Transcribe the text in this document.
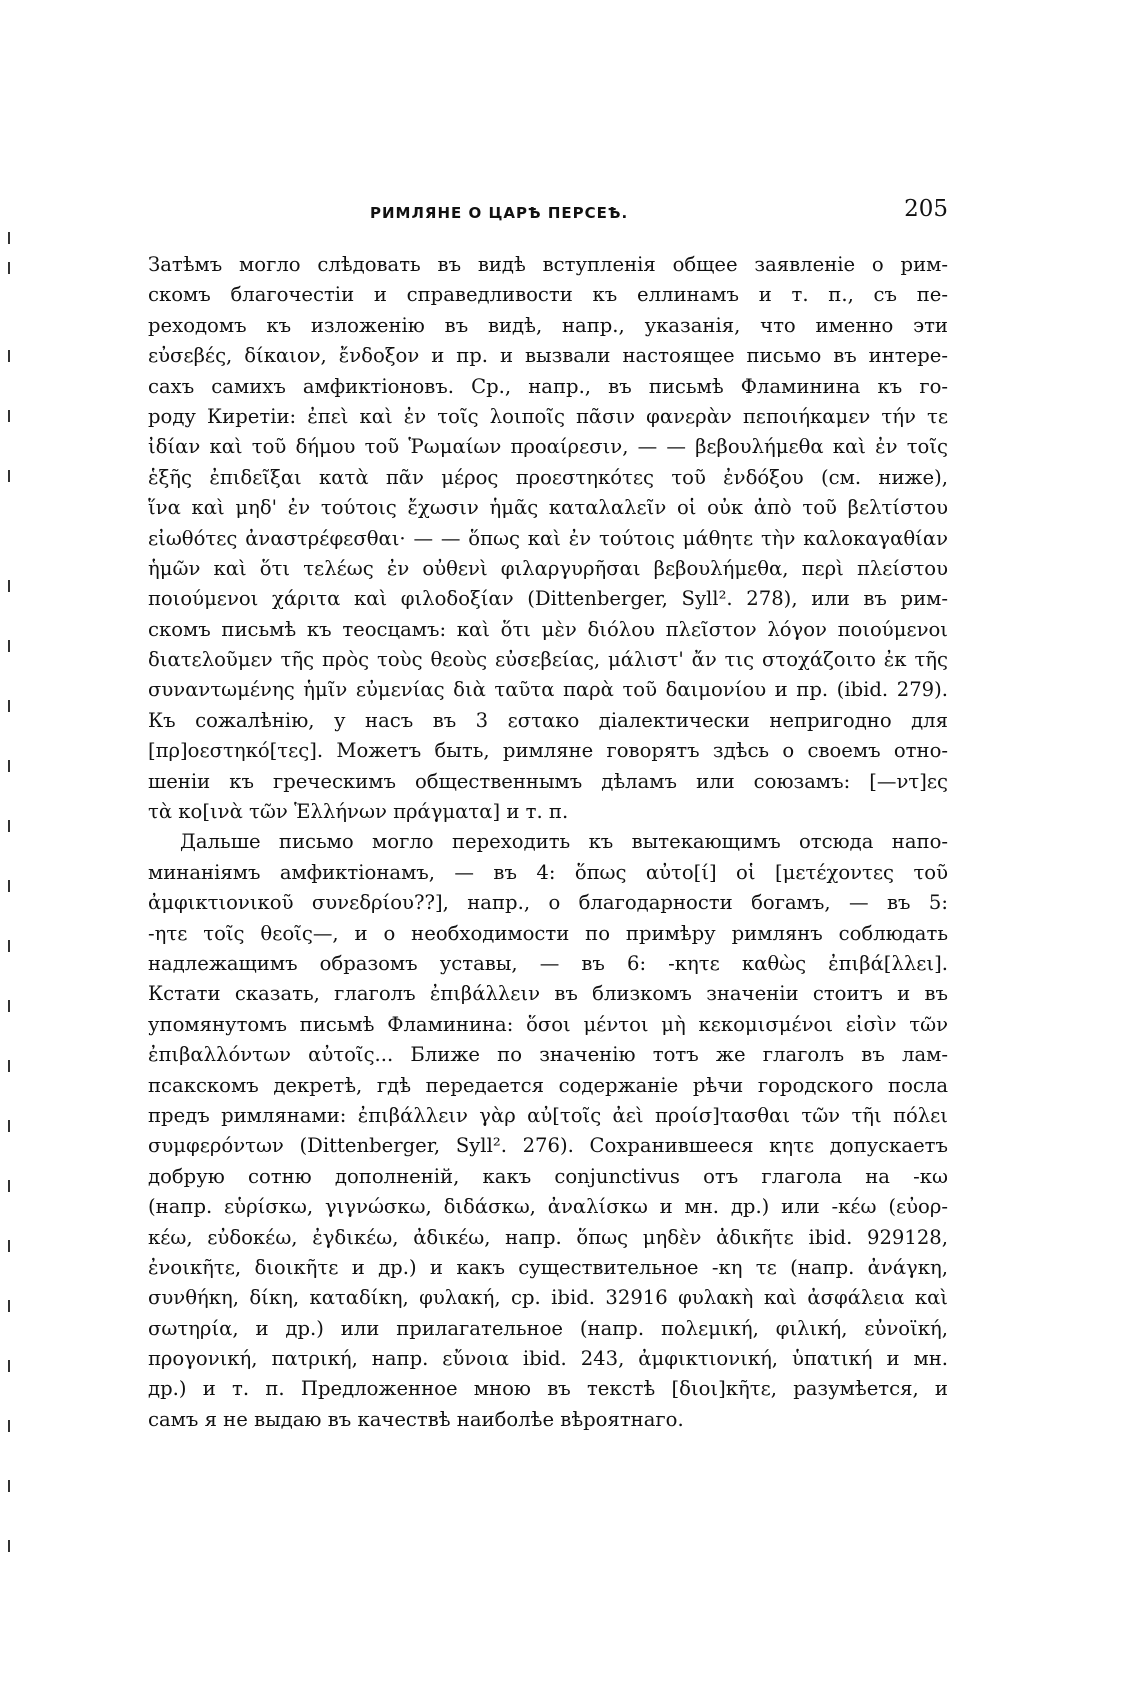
РИМЛЯНЕ О ЦАРѢ ПЕРСЕѢ.	205
Затѣмъ могло слѣдовать въ видѣ вступленія общее заявленіе о рим-
скомъ благочестіи и справедливости къ еллинамъ и т. п., съ пе-
реходомъ къ изложенію въ видѣ, напр., указанія, что именно эти
εὐσεβές, δίκαιον, ἔνδοξον и пр. и вызвали настоящее письмо въ интере-
сахъ самихъ амфиктіоновъ. Ср., напр., въ письмѣ Фламинина къ го-
роду Киретіи: ἐπεὶ καὶ ἐν τοῖς λοιποῖς πᾶσιν φανερὰν πεποιήκαμεν τήν τε
ἰδίαν καὶ τοῦ δήμου τοῦ Ῥωμαίων προαίρεσιν, — — βεβουλήμεθα καὶ ἐν τοῖς
ἑξῆς ἐπιδεῖξαι κατὰ πᾶν μέρος προεστηκότες τοῦ ἐνδόξου (см. ниже),
ἵνα καὶ μηδ' ἐν τούτοις ἔχωσιν ἡμᾶς καταλαλεῖν οἱ οὐκ ἀπὸ τοῦ βελτίστου
εἰωθότες ἀναστρέφεσθαι· — — ὅπως καὶ ἐν τούτοις μάθητε τὴν καλοκαγαθίαν
ἡμῶν καὶ ὅτι τελέως ἐν οὐθενὶ φιλαργυρῆσαι βεβουλήμεθα, περὶ πλείστου
ποιούμενοι χάριτα καὶ φιλοδοξίαν (Dittenberger, Syll². 278), или въ рим-
скомъ письмѣ къ теосцамъ: καὶ ὅτι μὲν διόλου πλεῖστον λόγον ποιούμενοι
διατελοῦμεν τῆς πρὸς τοὺς θεοὺς εὐσεβείας, μάλιστ' ἄν τις στοχάζοιτο ἐκ τῆς
συναντωμένης ἡμῖν εὐμενίας διὰ ταῦτα παρὰ τοῦ δαιμονίου и пр. (ibid. 279).
Къ сожалѣнію, у насъ въ 3 εστακο діалектически непригодно для
[πρ]οεστηκό[τες]. Можетъ быть, римляне говорятъ здѣсь о своемъ отно-
шеніи къ греческимъ общественнымъ дѣламъ или союзамъ: [—ντ]ες
τὰ κο[ινὰ τῶν Ἑλλήνων πράγματα] и т. п.
Дальше письмо могло переходить къ вытекающимъ отсюда напо-
минаніямъ амфиктіонамъ, — въ 4: ὅπως αὐτο[ί] οἱ [μετέχοντες τοῦ
ἀμφικτιονικοῦ συνεδρίου??], напр., о благодарности богамъ, — въ 5:
-ητε τοῖς θεοῖς—, и о необходимости по примѣру римлянъ соблюдать
надлежащимъ образомъ уставы, — въ 6: -κητε καθὼς ἐπιβά[λλει].
Кстати сказать, глаголъ ἐπιβάλλειν въ близкомъ значеніи стоитъ и въ
упомянутомъ письмѣ Фламинина: ὅσοι μέντοι μὴ κεκομισμένοι εἰσὶν τῶν
ἐπιβαλλόντων αὐτοῖς... Ближе по значенію тотъ же глаголъ въ лам-
псакскомъ декретѣ, гдѣ передается содержаніе рѣчи городского посла
предъ римлянами: ἐπιβάλλειν γὰρ αὐ[τοῖς ἀεὶ προίσ]τασθαι τῶν τῆι πόλει
συμφερόντων (Dittenberger, Syll². 276). Сохранившееся κητε допускаетъ
добрую сотню дополненій, какъ conjunctivus отъ глагола на -κω
(напр. εὑρίσκω, γιγνώσκω, διδάσκω, ἀναλίσκω и мн. др.) или -κέω (εὐορ-
κέω, εὐδοκέω, ἐγδικέω, ἀδικέω, напр. ὅπως μηδὲν ἀδικῆτε ibid. 929128,
ἐνοικῆτε, διοικῆτε и др.) и какъ существительное -κη τε (напр. ἀνάγκη,
συνθήκη, δίκη, καταδίκη, φυλακή, ср. ibid. 32916 φυλακὴ καὶ ἀσφάλεια καὶ
σωτηρία, и др.) или прилагательное (напр. πολεμική, φιλική, εὐνοϊκή,
προγονική, πατρική, напр. εὔνοια ibid. 243, ἀμφικτιονική, ὑπατική и мн.
др.) и т. п. Предложенное мною въ текстѣ [διοι]κῆτε, разумѣется, и
самъ я не выдаю въ качествѣ наиболѣе вѣроятнаго.
